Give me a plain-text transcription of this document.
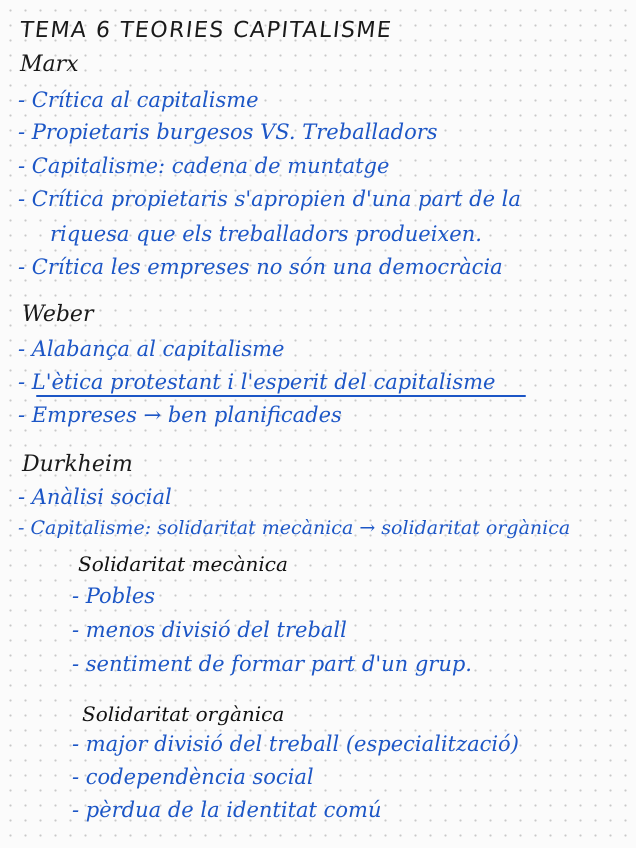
TEMA 6 TEORIES CAPITALISME
Marx
- Crítica al capitalisme
- Propietaris burgesos VS. Treballadors
- Capitalisme: cadena de muntatge
- Crítica propietaris s'apropien d'una part de la
riquesa que els treballadors produeixen.
- Crítica les empreses no són una democràcia
Weber
- Alabança al capitalisme
- L'ètica protestant i l'esperit del capitalisme
- Empreses → ben planificades
Durkheim
- Anàlisi social
- Capitalisme: solidaritat mecànica → solidaritat orgànica
Solidaritat mecànica
- Pobles
- menos divisió del treball
- sentiment de formar part d'un grup.
Solidaritat orgànica
- major divisió del treball (especialització)
- codependència social
- pèrdua de la identitat comú
